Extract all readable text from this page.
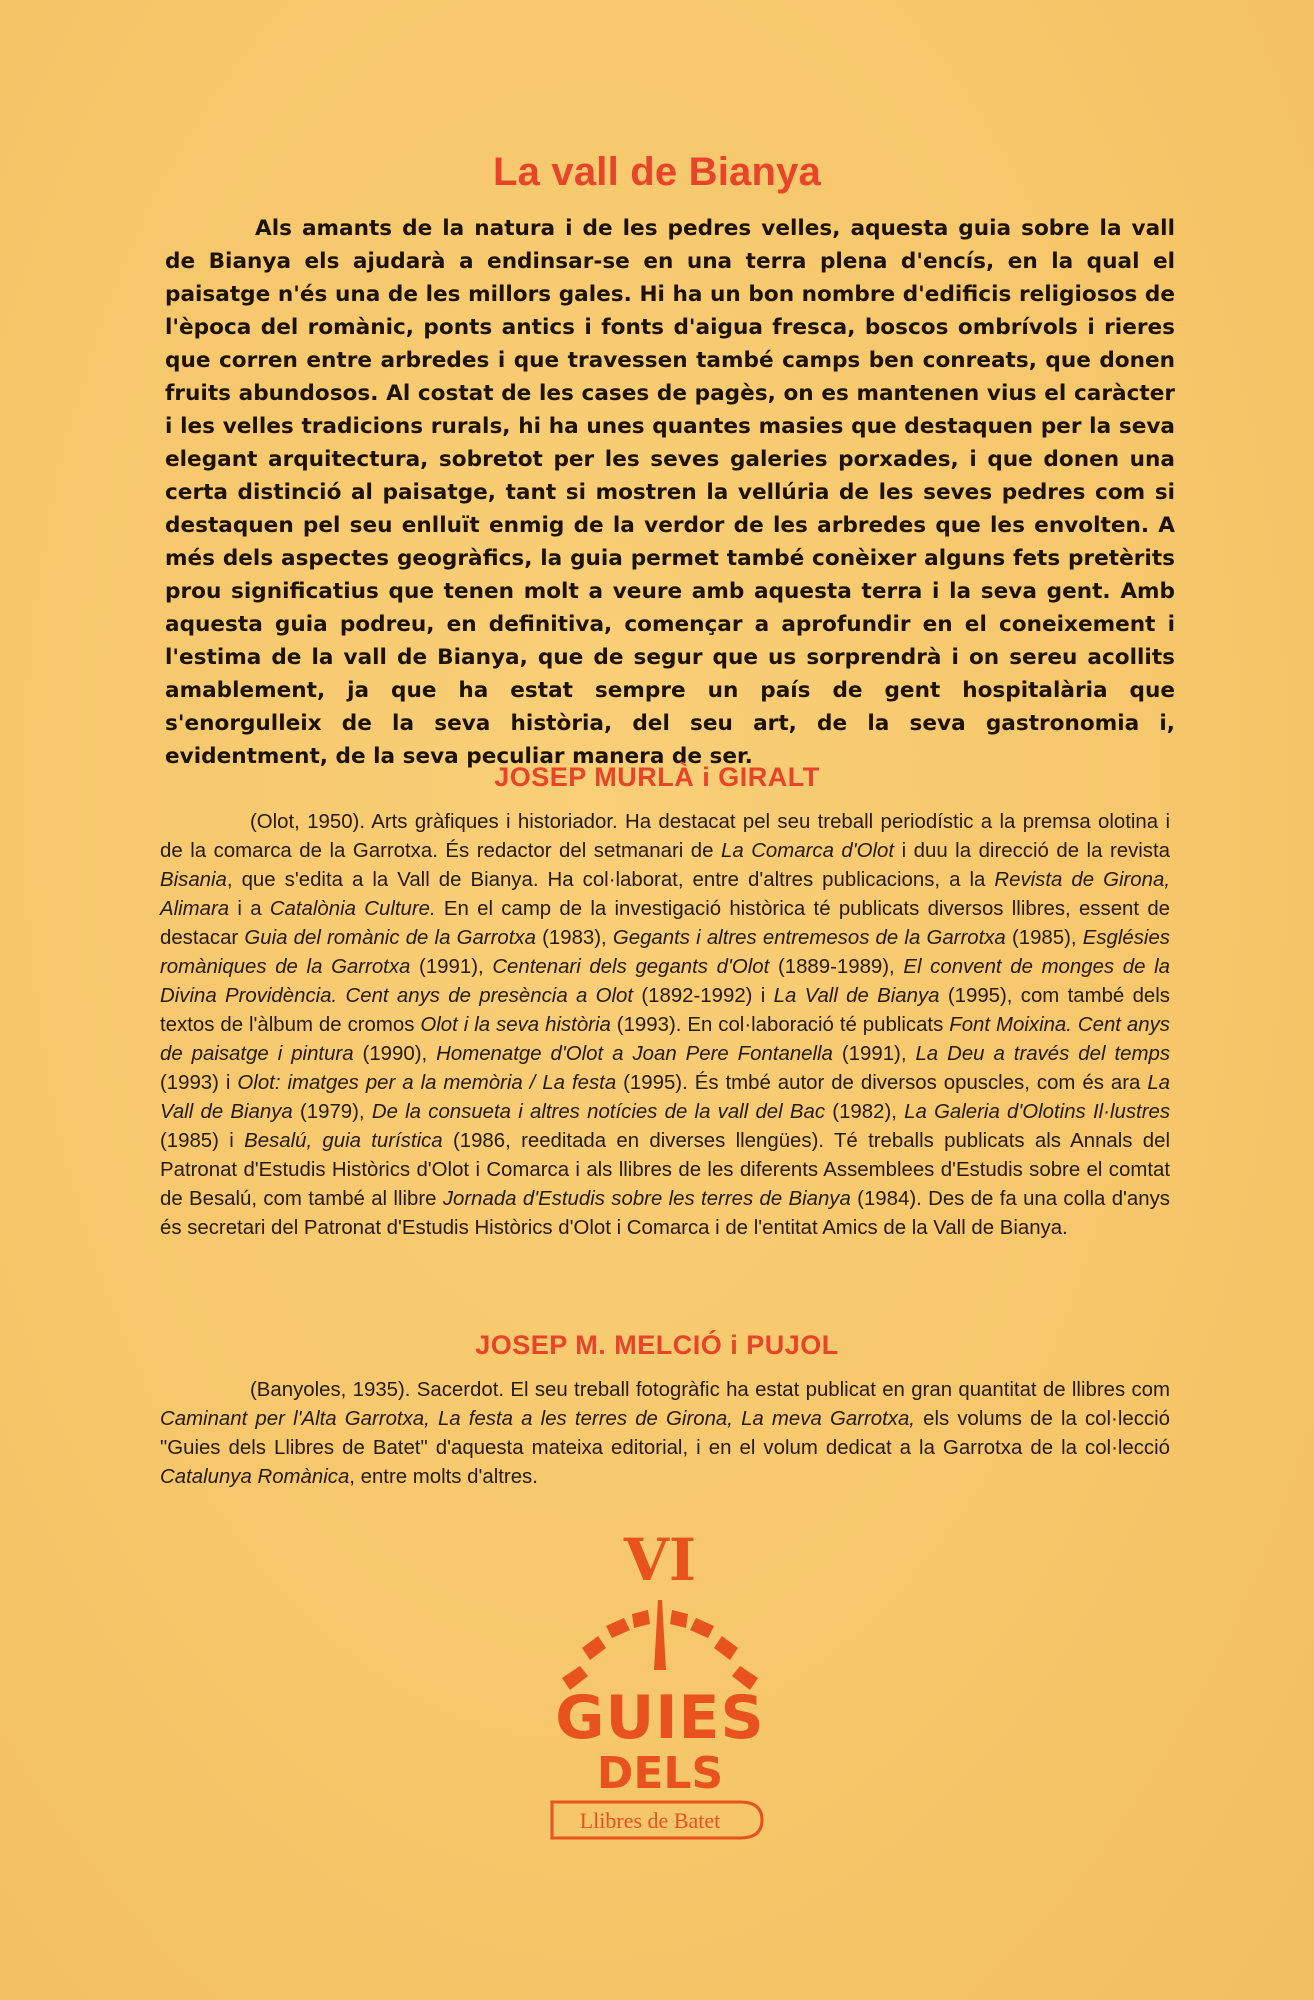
La vall de Bianya

Als amants de la natura i de les pedres velles, aquesta guia sobre la vall de Bianya els ajudarà a endinsar-se en una terra plena d'encís, en la qual el paisatge n'és una de les millors gales. Hi ha un bon nombre d'edificis religiosos de l'època del romànic, ponts antics i fonts d'aigua fresca, boscos ombrívols i rieres que corren entre arbredes i que travessen també camps ben conreats, que donen fruits abundosos. Al costat de les cases de pagès, on es mantenen vius el caràcter i les velles tradicions rurals, hi ha unes quantes masies que destaquen per la seva elegant arquitectura, sobretot per les seves galeries porxades, i que donen una certa distinció al paisatge, tant si mostren la vellúria de les seves pedres com si destaquen pel seu enlluït enmig de la verdor de les arbredes que les envolten. A més dels aspectes geogràfics, la guia permet també conèixer alguns fets pretèrits prou significatius que tenen molt a veure amb aquesta terra i la seva gent. Amb aquesta guia podreu, en definitiva, començar a aprofundir en el coneixement i l'estima de la vall de Bianya, que de segur que us sorprendrà i on sereu acollits amablement, ja que ha estat sempre un país de gent hospitalària que s'enorgulleix de la seva història, del seu art, de la seva gastronomia i, evidentment, de la seva peculiar manera de ser.

JOSEP MURLÀ i GIRALT

(Olot, 1950). Arts gràfiques i historiador. Ha destacat pel seu treball periodístic a la premsa olotina i de la comarca de la Garrotxa. És redactor del setmanari de La Comarca d'Olot i duu la direcció de la revista Bisania, que s'edita a la Vall de Bianya. Ha col·laborat, entre d'altres publicacions, a la Revista de Girona, Alimara i a Catalònia Culture. En el camp de la investigació històrica té publicats diversos llibres, essent de destacar Guia del romànic de la Garrotxa (1983), Gegants i altres entremesos de la Garrotxa (1985), Esglésies romàniques de la Garrotxa (1991), Centenari dels gegants d'Olot (1889-1989), El convent de monges de la Divina Providència. Cent anys de presència a Olot (1892-1992) i La Vall de Bianya (1995), com també dels textos de l'àlbum de cromos Olot i la seva història (1993). En col·laboració té publicats Font Moixina. Cent anys de paisatge i pintura (1990), Homenatge d'Olot a Joan Pere Fontanella (1991), La Deu a través del temps (1993) i Olot: imatges per a la memòria / La festa (1995). És tmbé autor de diversos opuscles, com és ara La Vall de Bianya (1979), De la consueta i altres notícies de la vall del Bac (1982), La Galeria d'Olotins Il·lustres (1985) i Besalú, guia turística (1986, reeditada en diverses llengües). Té treballs publicats als Annals del Patronat d'Estudis Històrics d'Olot i Comarca i als llibres de les diferents Assemblees d'Estudis sobre el comtat de Besalú, com també al llibre Jornada d'Estudis sobre les terres de Bianya (1984). Des de fa una colla d'anys és secretari del Patronat d'Estudis Històrics d'Olot i Comarca i de l'entitat Amics de la Vall de Bianya.

JOSEP M. MELCIÓ i PUJOL

(Banyoles, 1935). Sacerdot. El seu treball fotogràfic ha estat publicat en gran quantitat de llibres com Caminant per l'Alta Garrotxa, La festa a les terres de Girona, La meva Garrotxa, els volums de la col·lecció "Guies dels Llibres de Batet" d'aquesta mateixa editorial, i en el volum dedicat a la Garrotxa de la col·lecció Catalunya Romànica, entre molts d'altres.

VI
GUIES
DELS
Llibres de Batet
